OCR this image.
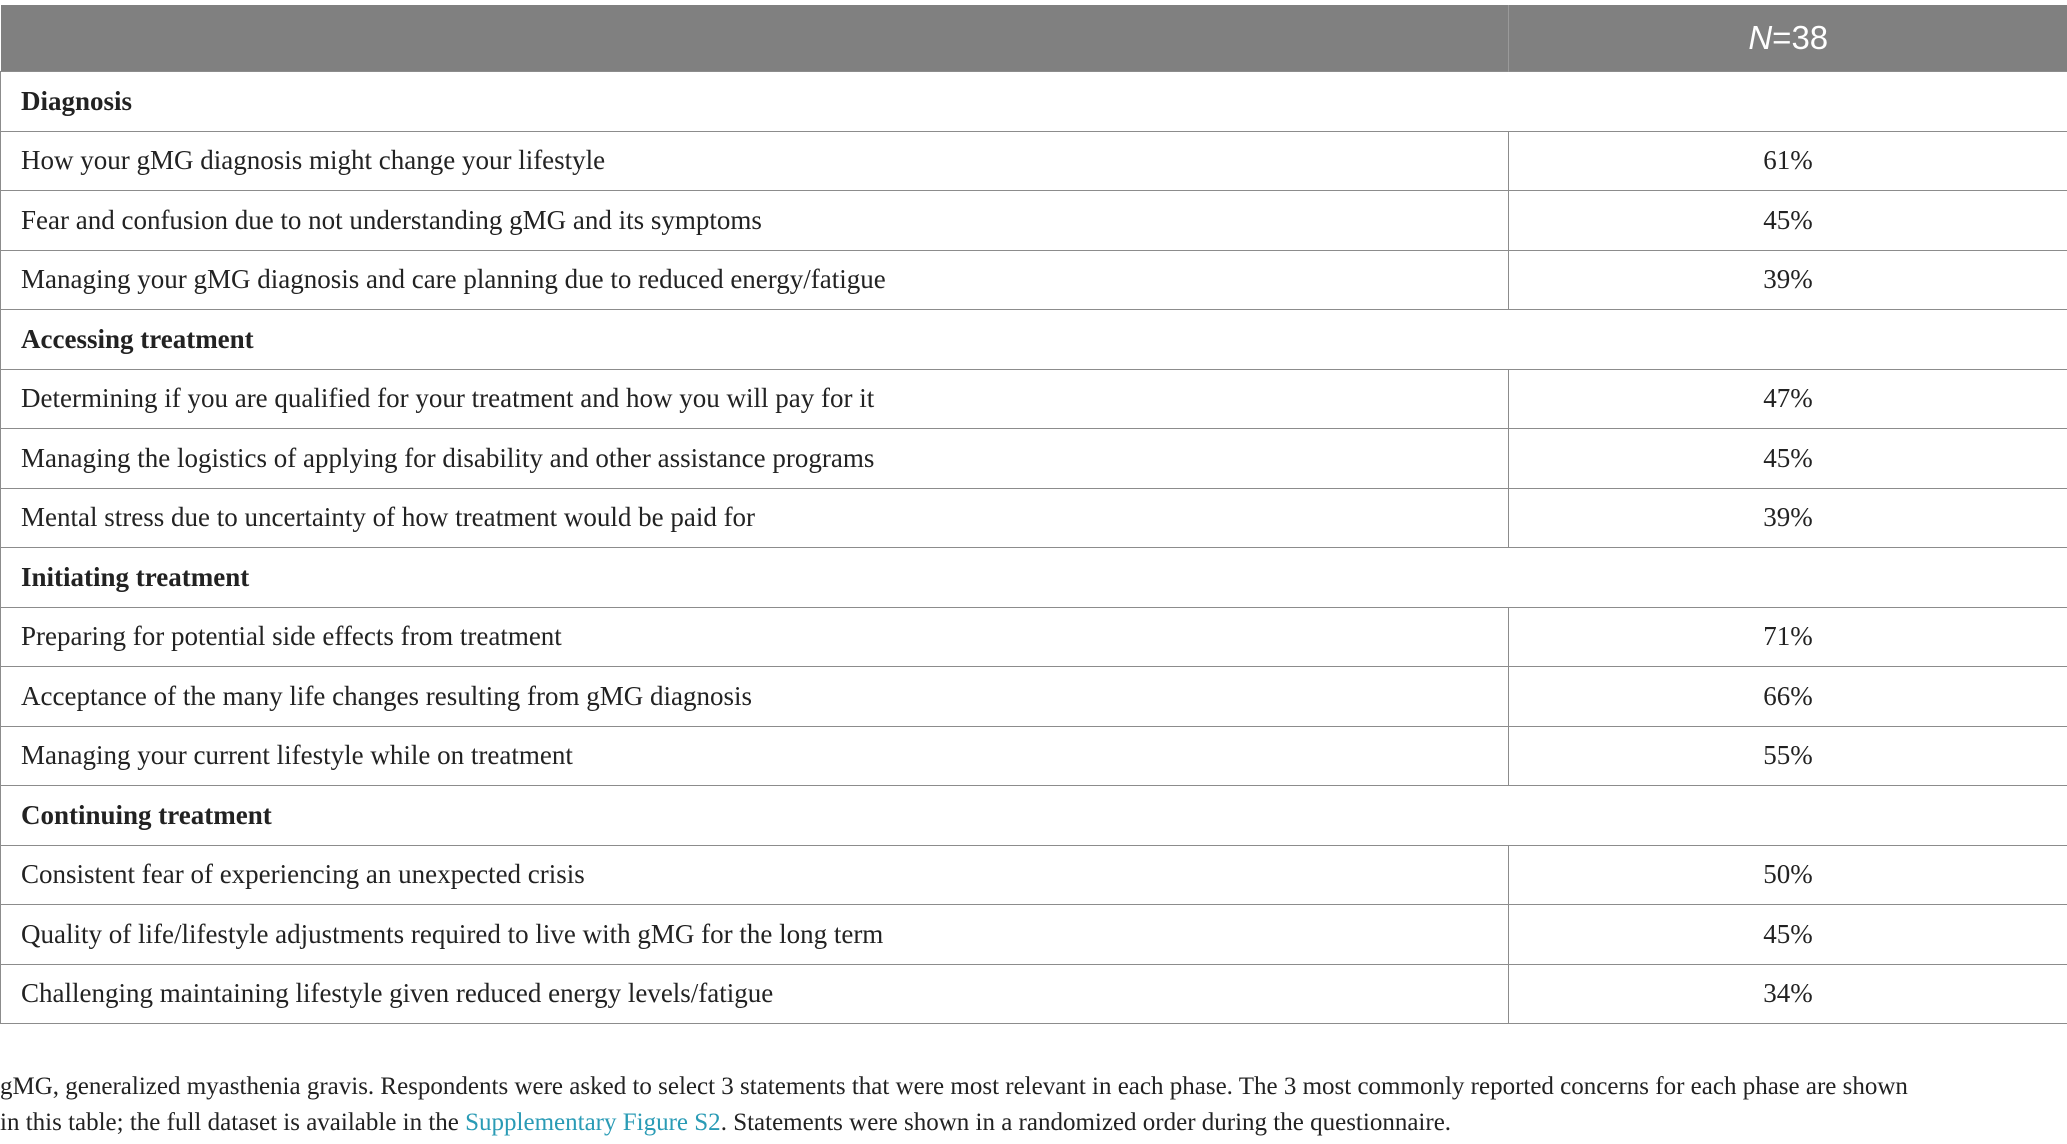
	N=38
Diagnosis	
How your gMG diagnosis might change your lifestyle	61%
Fear and confusion due to not understanding gMG and its symptoms	45%
Managing your gMG diagnosis and care planning due to reduced energy/fatigue	39%
Accessing treatment	
Determining if you are qualified for your treatment and how you will pay for it	47%
Managing the logistics of applying for disability and other assistance programs	45%
Mental stress due to uncertainty of how treatment would be paid for	39%
Initiating treatment	
Preparing for potential side effects from treatment	71%
Acceptance of the many life changes resulting from gMG diagnosis	66%
Managing your current lifestyle while on treatment	55%
Continuing treatment	
Consistent fear of experiencing an unexpected crisis	50%
Quality of life/lifestyle adjustments required to live with gMG for the long term	45%
Challenging maintaining lifestyle given reduced energy levels/fatigue	34%
gMG, generalized myasthenia gravis. Respondents were asked to select 3 statements that were most relevant in each phase. The 3 most commonly reported concerns for each phase are shown
in this table; the full dataset is available in the Supplementary Figure S2. Statements were shown in a randomized order during the questionnaire.
